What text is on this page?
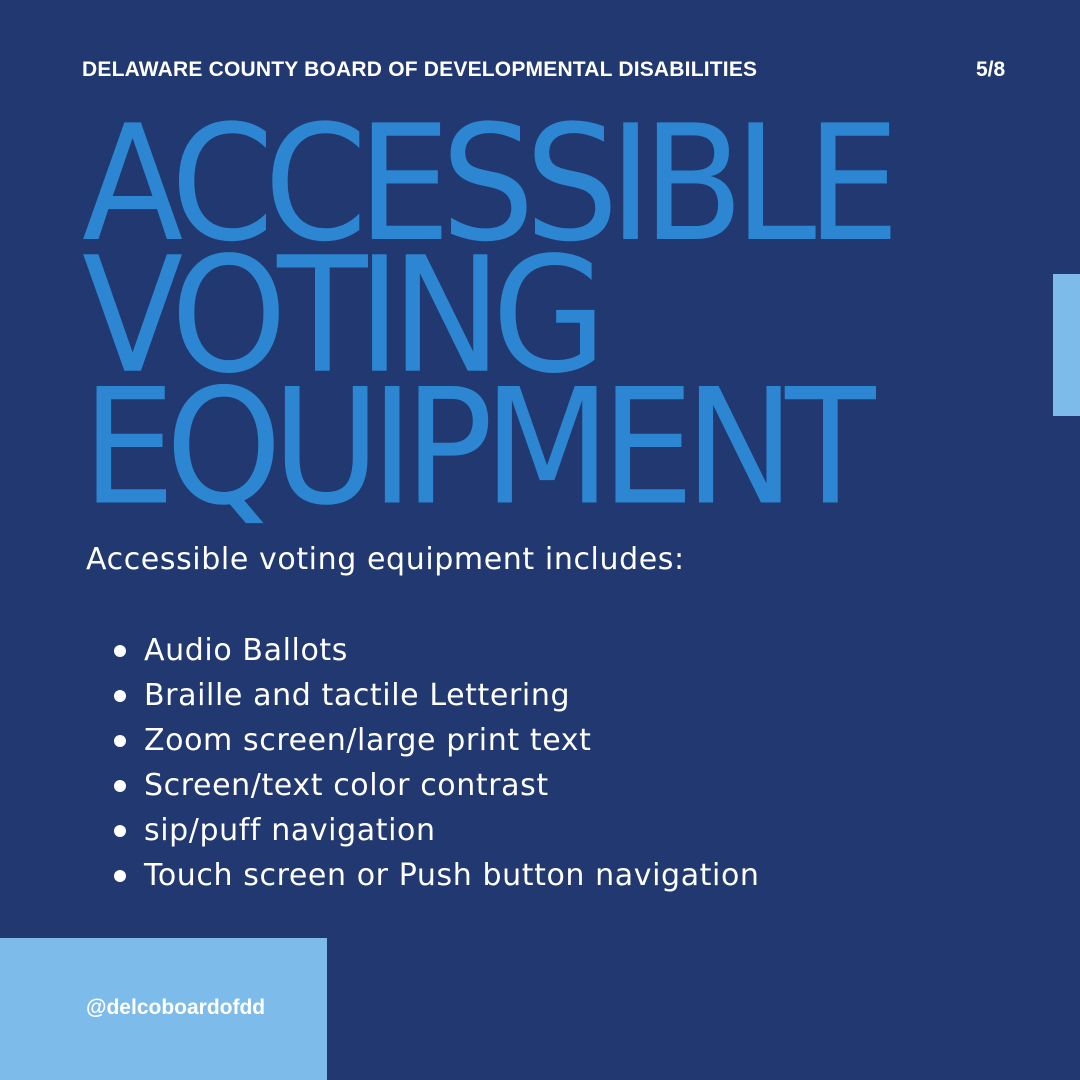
DELAWARE COUNTY BOARD OF DEVELOPMENTAL DISABILITIES	5/8
ACCESSIBLE
VOTING
EQUIPMENT
Accessible voting equipment includes:
Audio Ballots
Braille and tactile Lettering
Zoom screen/large print text
Screen/text color contrast
sip/puff navigation
Touch screen or Push button navigation
@delcoboardofdd
